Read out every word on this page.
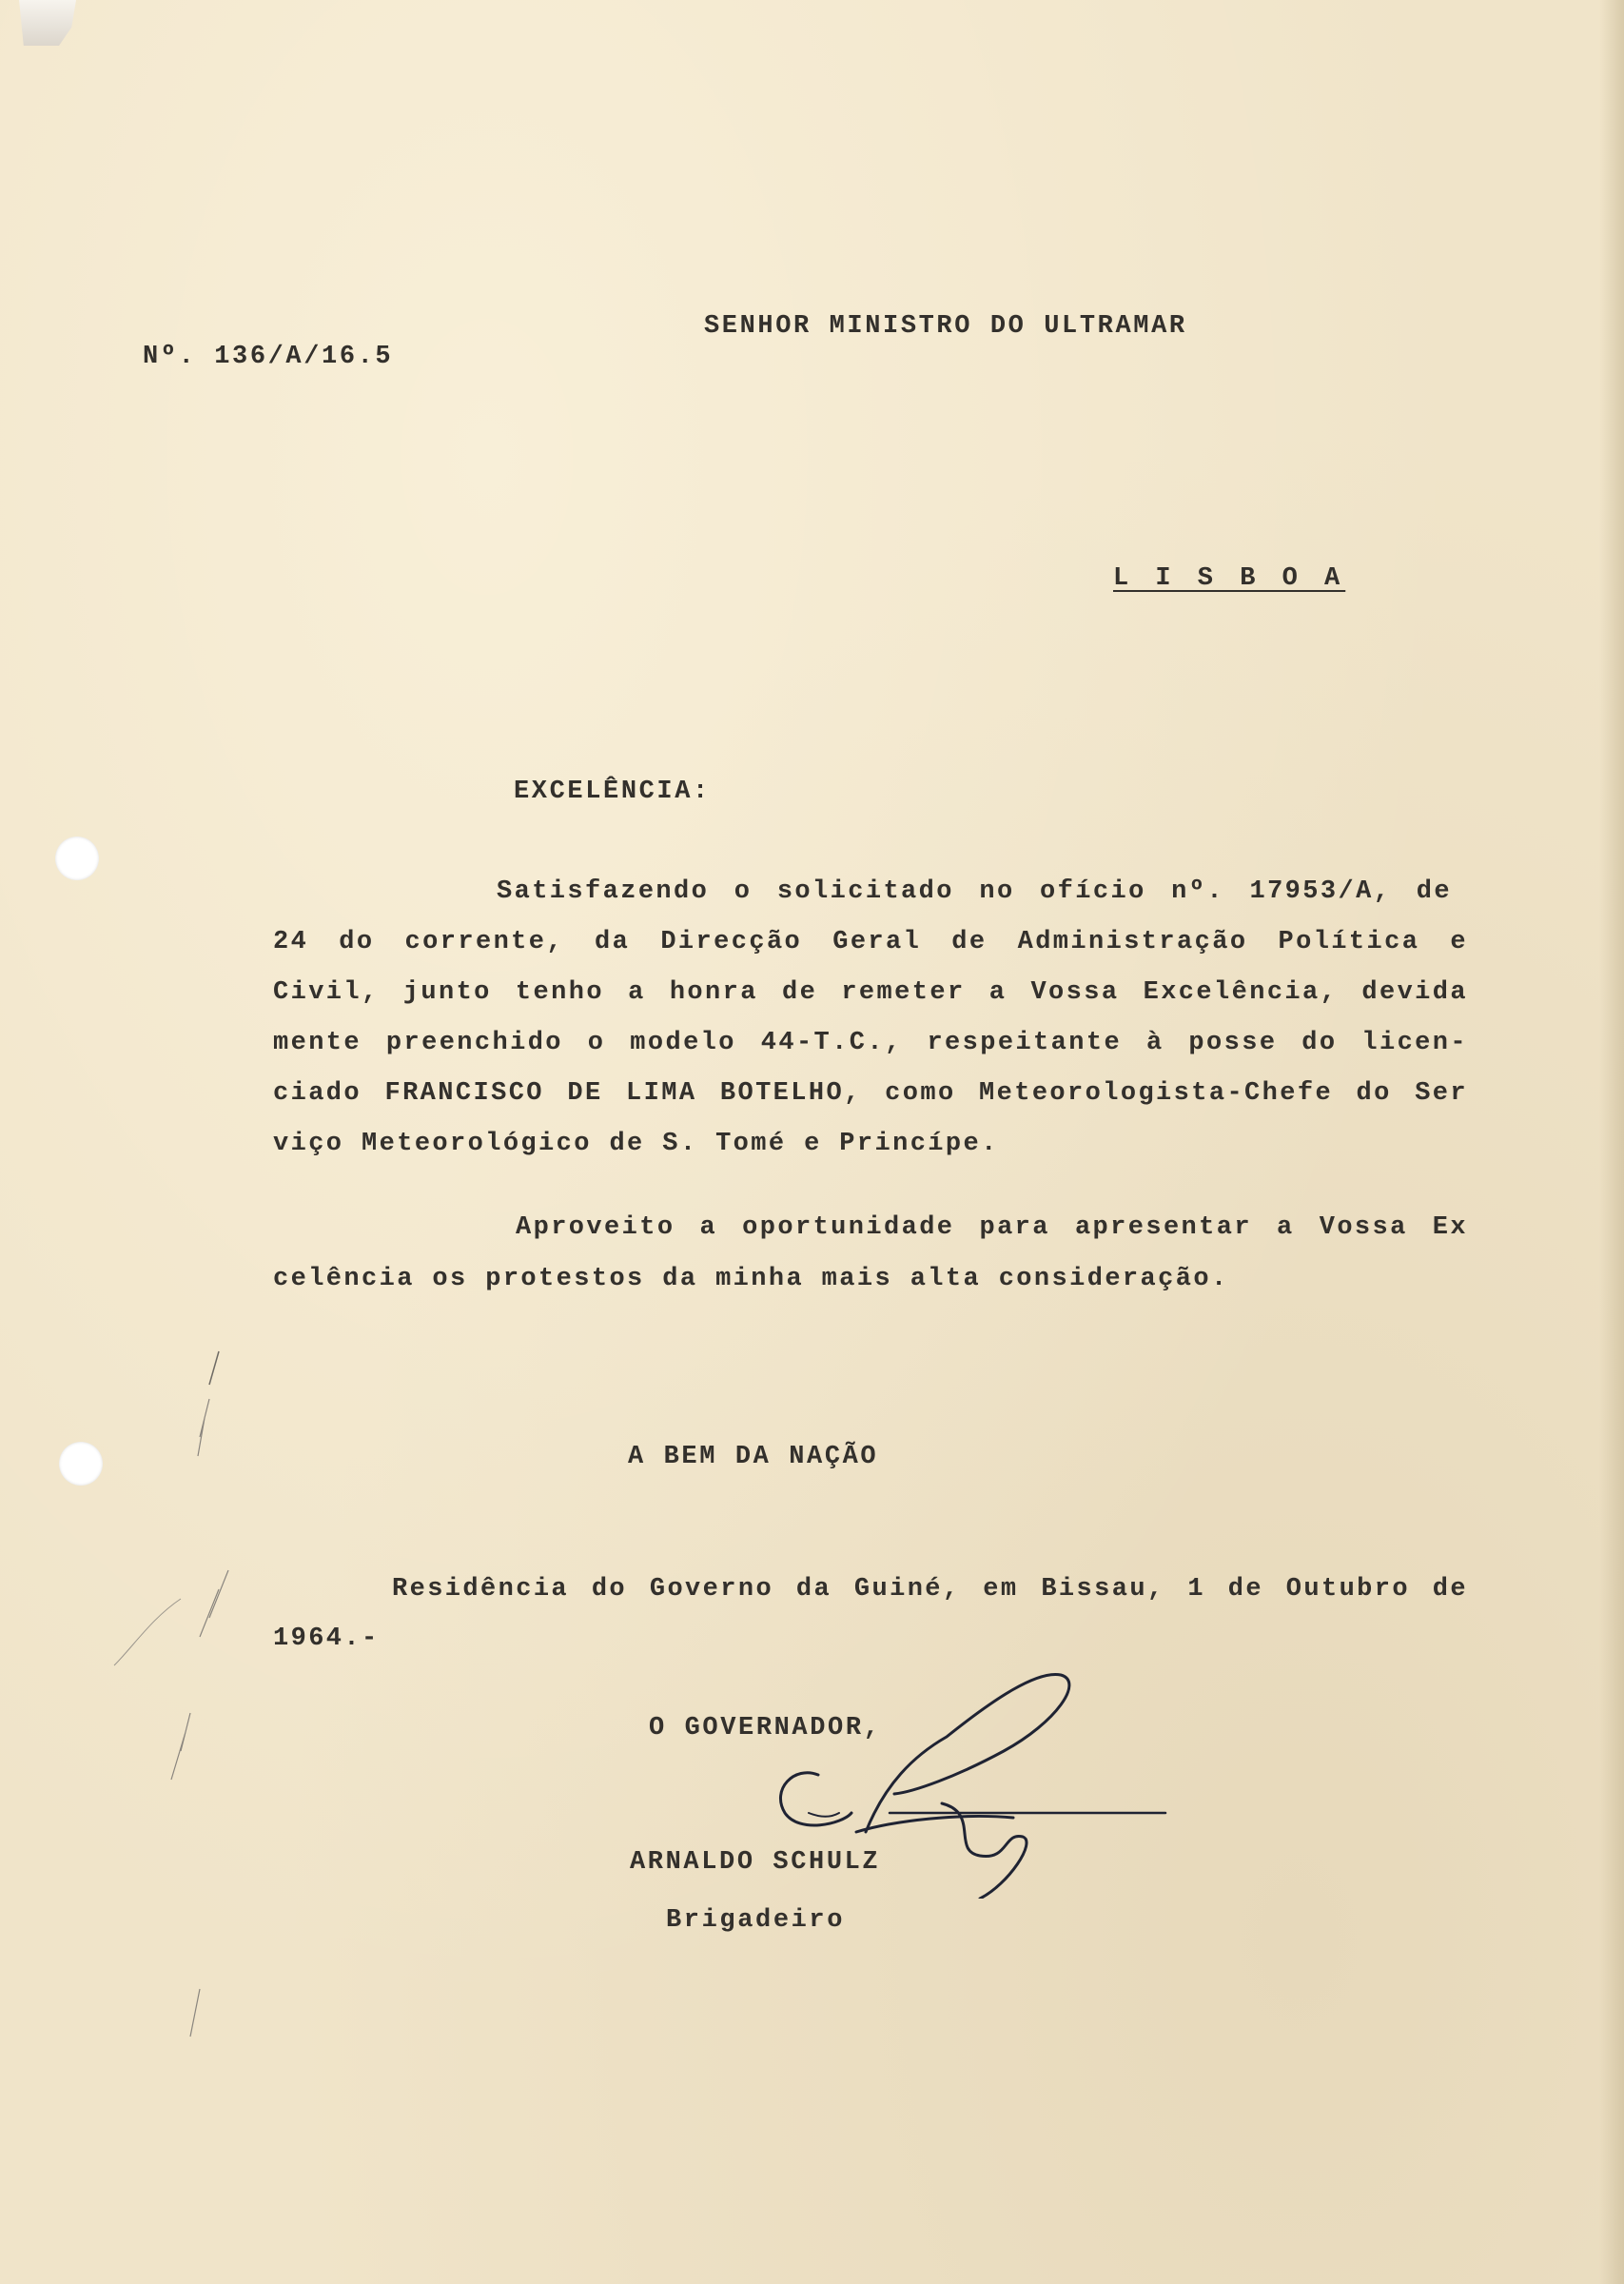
Nº. 136/A/16.5
SENHOR MINISTRO DO ULTRAMAR
L I S B O A
EXCELÊNCIA:
Satisfazendo o solicitado no ofício nº. 17953/A, de
24 do corrente, da Direcção Geral de Administração Política e
Civil, junto tenho a honra de remeter a Vossa Excelência, devida
mente preenchido o modelo 44-T.C., respeitante à posse do licen-
ciado FRANCISCO DE LIMA BOTELHO, como Meteorologista-Chefe do Ser
viço Meteorológico de S. Tomé e Princípe.
Aproveito a oportunidade para apresentar a Vossa Ex
celência os protestos da minha mais alta consideração.
A BEM DA NAÇÃO
Residência do Governo da Guiné, em Bissau, 1 de Outubro de
1964.-
O GOVERNADOR,
ARNALDO SCHULZ
Brigadeiro
